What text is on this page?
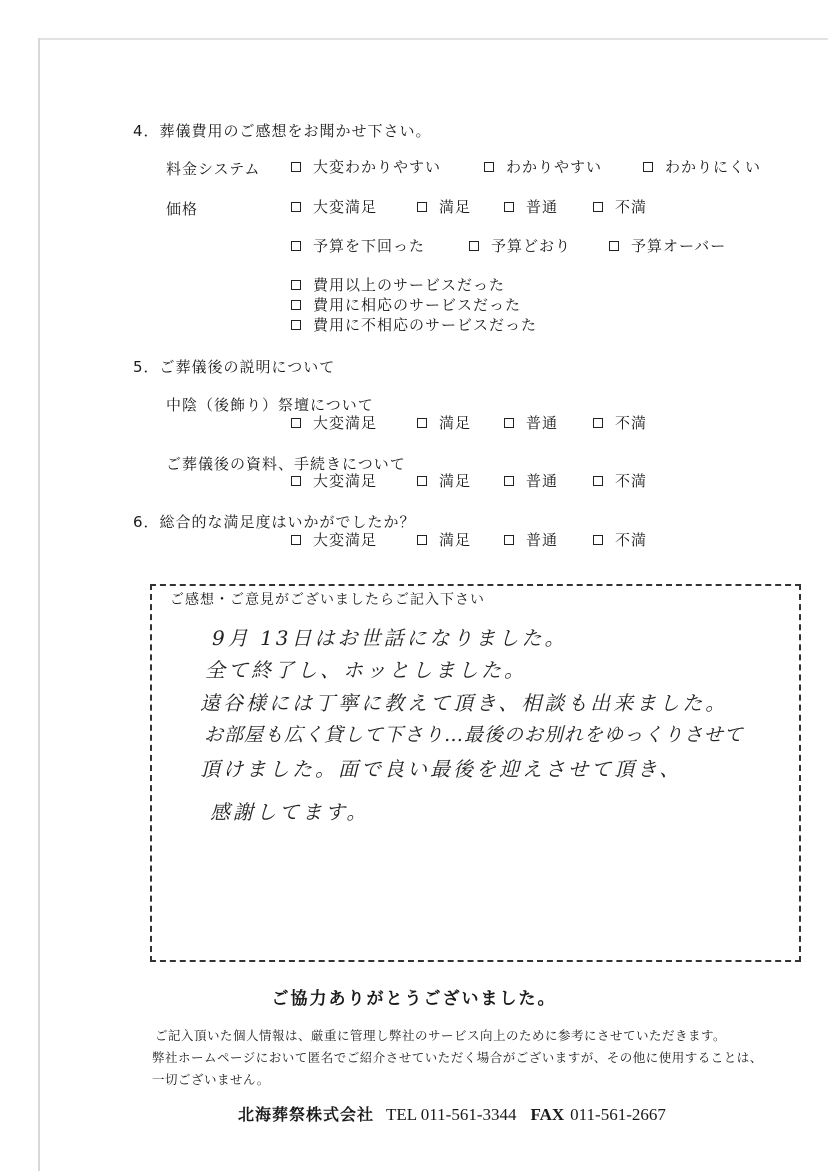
4．葬儀費用のご感想をお聞かせ下さい。
料金システム	大変わかりやすい	わかりやすい	わかりにくい
価格	大変満足	満足	普通	不満
予算を下回った	予算どおり	予算オーバー
費用以上のサービスだった
費用に相応のサービスだった
費用に不相応のサービスだった
5．ご葬儀後の説明について
中陰（後飾り）祭壇について
大変満足	満足	普通	不満
ご葬儀後の資料、手続きについて
大変満足	満足	普通	不満
6．総合的な満足度はいかがでしたか？
大変満足	満足	普通	不満
ご感想・ご意見がございましたらご記入下さい
9月 13日はお世話になりました。
全て終了し、ホッとしました。
遠谷様には丁寧に教えて頂き、相談も出来ました。
お部屋も広く貸して下さり…最後のお別れをゆっくりさせて
頂けました。面で良い最後を迎えさせて頂き、
感謝してます。
ご協力ありがとうございました。
ご記入頂いた個人情報は、厳重に管理し弊社のサービス向上のために参考にさせていただきます。
弊社ホームページにおいて匿名でご紹介させていただく場合がございますが、その他に使用することは、
一切ございません。
北海葬祭株式会社 TEL 011-561-3344 FAX 011-561-2667
